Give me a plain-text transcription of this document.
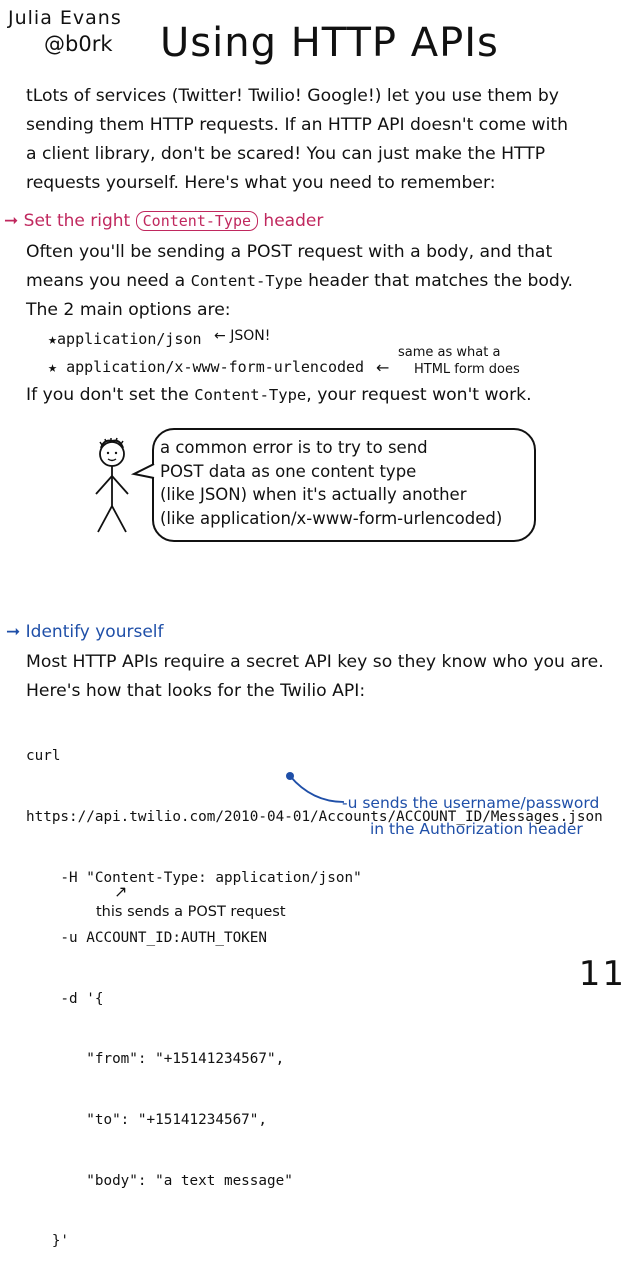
Julia Evans
@b0rk Using HTTP APIs
tLots of services (Twitter! Twilio! Google!) let you use them by
sending them HTTP requests. If an HTTP API doesn't come with
a client library, don't be scared! You can just make the HTTP
requests yourself. Here's what you need to remember:
➞ Set the right Content-Type header
Often you'll be sending a POST request with a body, and that
means you need a Content-Type header that matches the body.
The 2 main options are:
★application/json
★ application/x-www-form-urlencoded
← JSON!
←
same as what a
HTML form does
If you don't set the Content-Type, your request won't work.
a common error is to try to send
POST data as one content type
(like JSON) when it's actually another
(like application/x-www-form-urlencoded)
➞ Identify yourself
Most HTTP APIs require a secret API key so they know who you are.
Here's how that looks for the Twilio API:

curl

https://api.twilio.com/2010-04-01/Accounts/ACCOUNT_ID/Messages.json

-H "Content-Type: application/json"

-u ACCOUNT_ID:AUTH_TOKEN

-d '{

"from": "+15141234567",

"to": "+15141234567",

"body": "a text message"

}'

-u sends the username/password
in the Authorization header
↗
this sends a POST request
11
